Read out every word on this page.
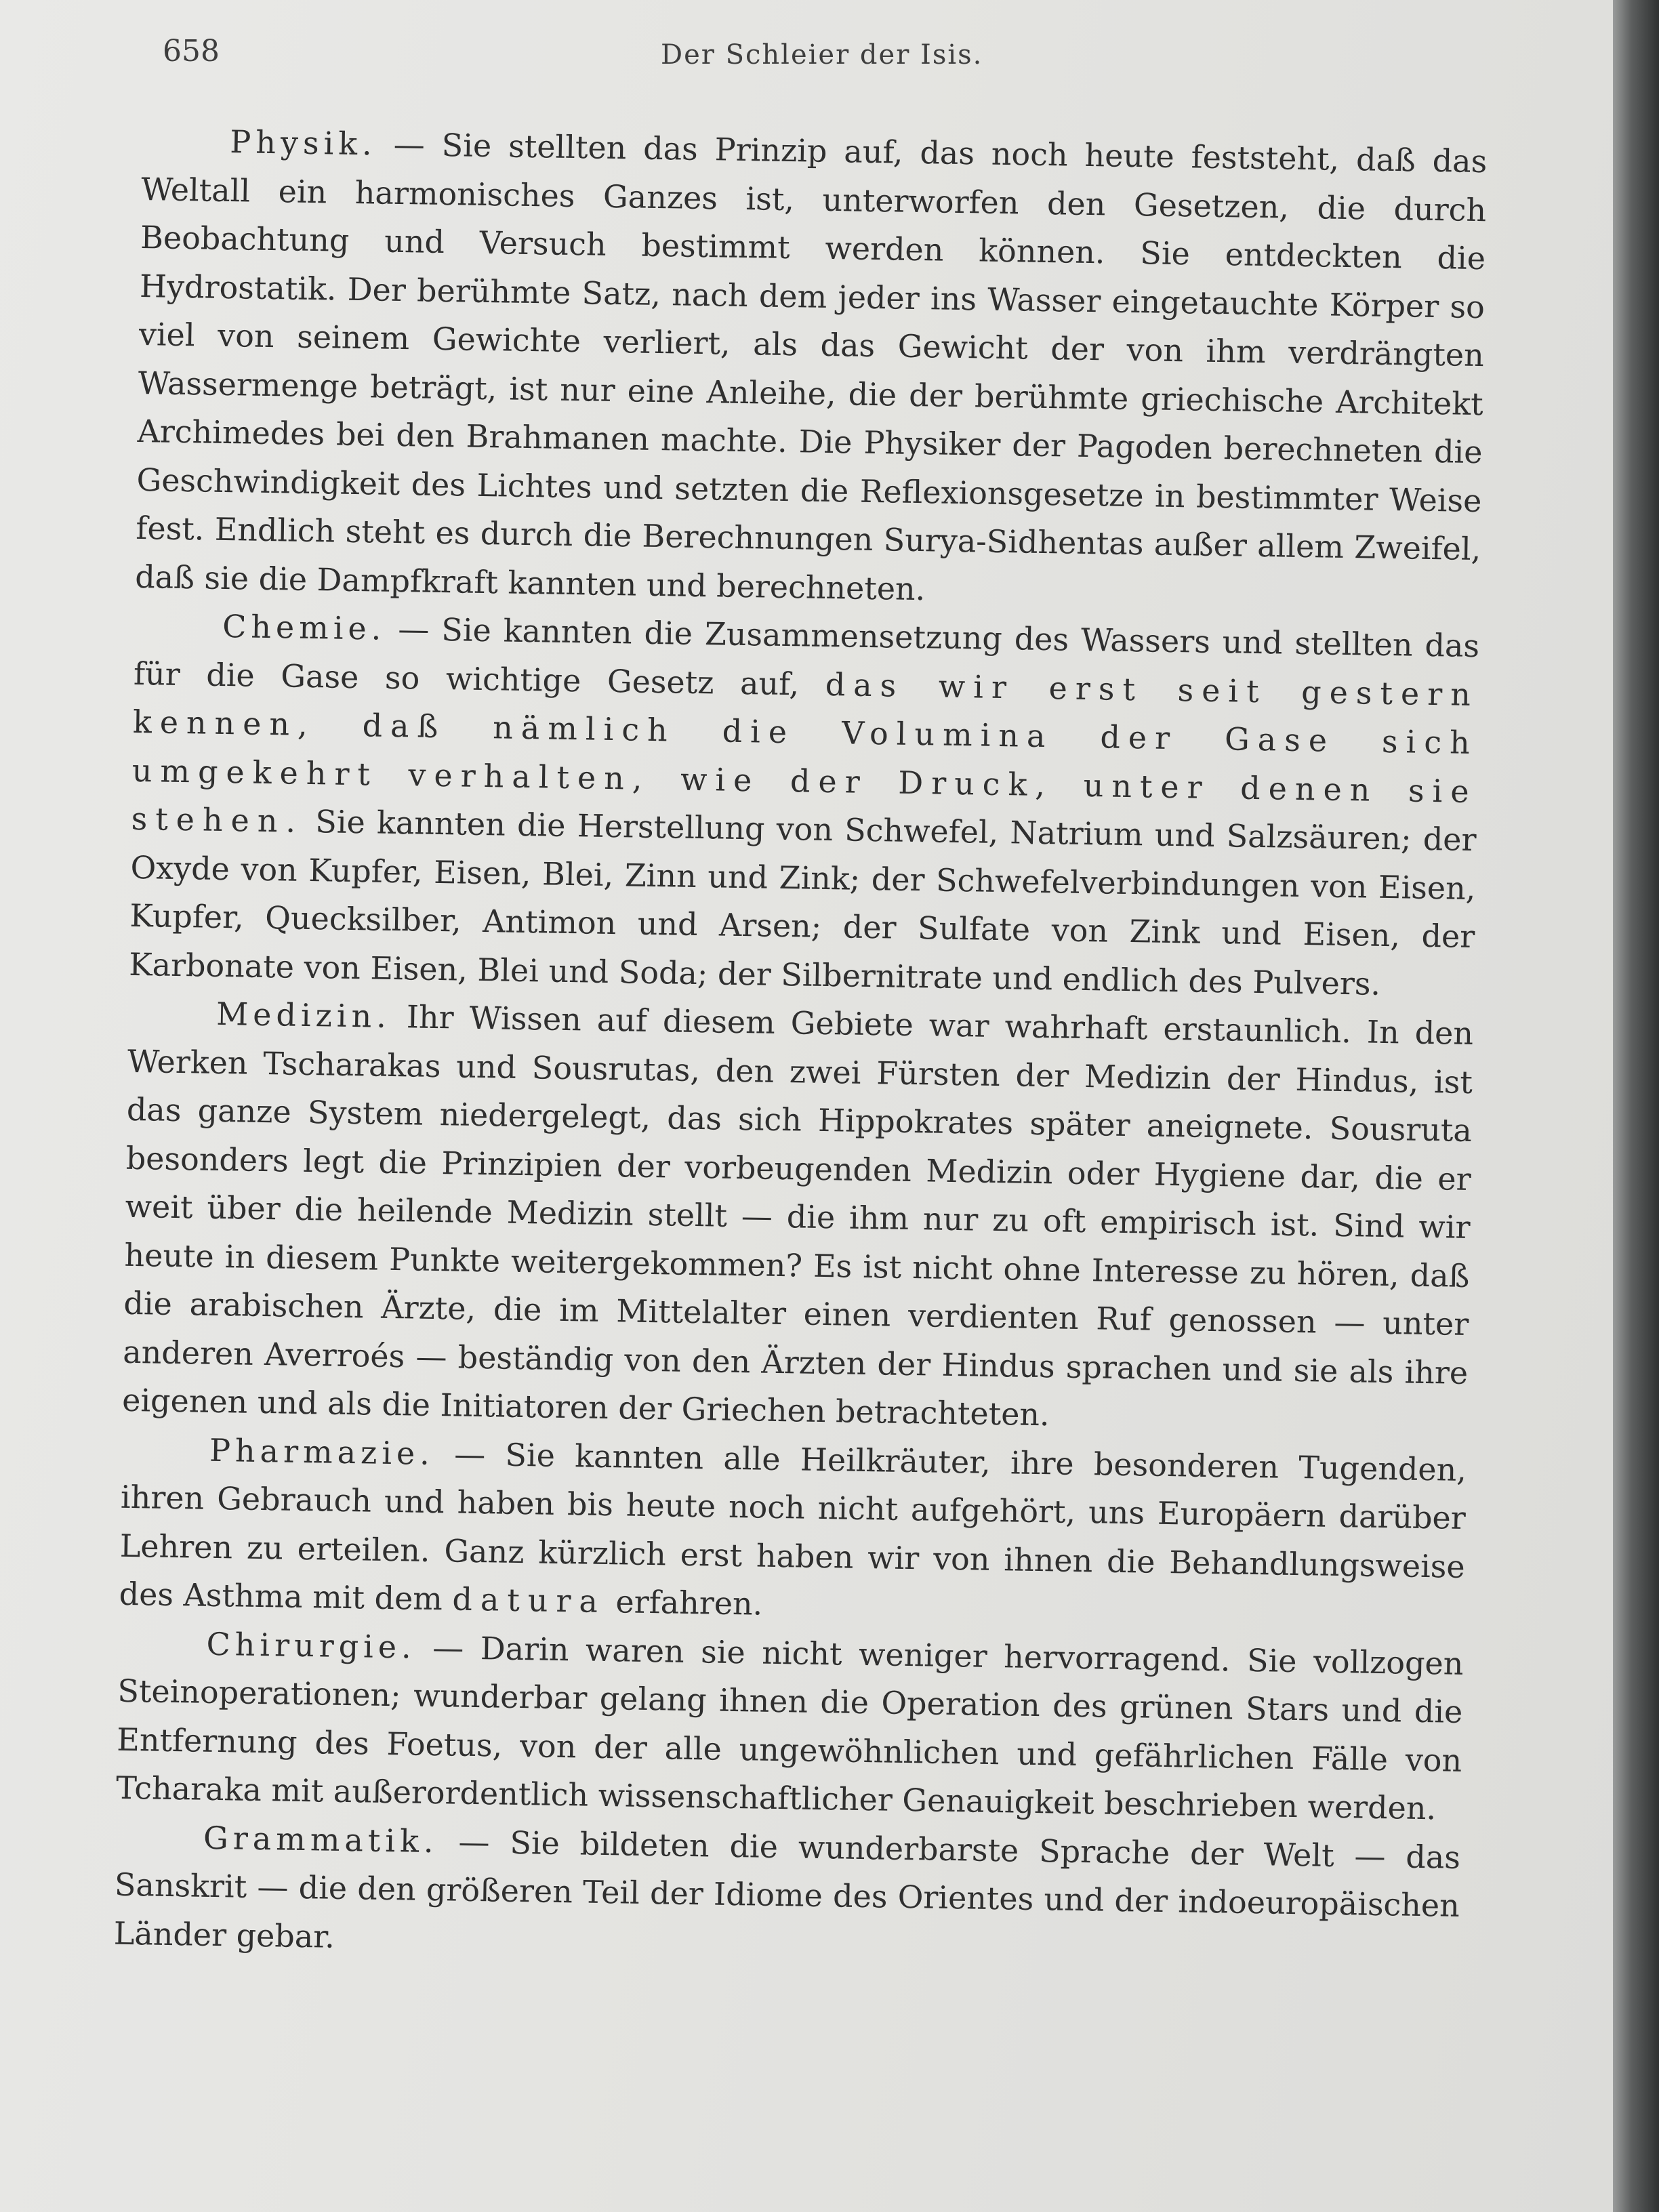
658	Der Schleier der Isis.

Physik. — Sie stellten das Prinzip auf, das noch heute feststeht, daß das Weltall ein harmonisches Ganzes ist, unterworfen den Gesetzen, die durch Beobachtung und Versuch bestimmt werden können. Sie entdeckten die Hydrostatik. Der berühmte Satz, nach dem jeder ins Wasser eingetauchte Körper so viel von seinem Gewichte verliert, als das Gewicht der von ihm verdrängten Wassermenge beträgt, ist nur eine Anleihe, die der berühmte griechische Architekt Archimedes bei den Brahmanen machte. Die Physiker der Pagoden berechneten die Geschwindigkeit des Lichtes und setzten die Reflexionsgesetze in bestimmter Weise fest. Endlich steht es durch die Berechnungen Surya-Sidhentas außer allem Zweifel, daß sie die Dampfkraft kannten und berechneten.

Chemie. — Sie kannten die Zusammensetzung des Wassers und stellten das für die Gase so wichtige Gesetz auf, das wir erst seit gestern kennen, daß nämlich die Volumina der Gase sich umgekehrt verhalten, wie der Druck, unter denen sie stehen. Sie kannten die Herstellung von Schwefel, Natrium und Salzsäuren; der Oxyde von Kupfer, Eisen, Blei, Zinn und Zink; der Schwefelverbindungen von Eisen, Kupfer, Quecksilber, Antimon und Arsen; der Sulfate von Zink und Eisen, der Karbonate von Eisen, Blei und Soda; der Silbernitrate und endlich des Pulvers.

Medizin. Ihr Wissen auf diesem Gebiete war wahrhaft erstaunlich. In den Werken Tscharakas und Sousrutas, den zwei Fürsten der Medizin der Hindus, ist das ganze System niedergelegt, das sich Hippokrates später aneignete. Sousruta besonders legt die Prinzipien der vorbeugenden Medizin oder Hygiene dar, die er weit über die heilende Medizin stellt — die ihm nur zu oft empirisch ist. Sind wir heute in diesem Punkte weitergekommen? Es ist nicht ohne Interesse zu hören, daß die arabischen Ärzte, die im Mittelalter einen verdienten Ruf genossen — unter anderen Averroés — beständig von den Ärzten der Hindus sprachen und sie als ihre eigenen und als die Initiatoren der Griechen betrachteten.

Pharmazie. — Sie kannten alle Heilkräuter, ihre besonderen Tugenden, ihren Gebrauch und haben bis heute noch nicht aufgehört, uns Europäern darüber Lehren zu erteilen. Ganz kürzlich erst haben wir von ihnen die Behandlungsweise des Asthma mit dem datura erfahren.

Chirurgie. — Darin waren sie nicht weniger hervorragend. Sie vollzogen Steinoperationen; wunderbar gelang ihnen die Operation des grünen Stars und die Entfernung des Foetus, von der alle ungewöhnlichen und gefährlichen Fälle von Tcharaka mit außerordentlich wissenschaftlicher Genauigkeit beschrieben werden.

Grammatik. — Sie bildeten die wunderbarste Sprache der Welt — das Sanskrit — die den größeren Teil der Idiome des Orientes und der indoeuropäischen Länder gebar.
